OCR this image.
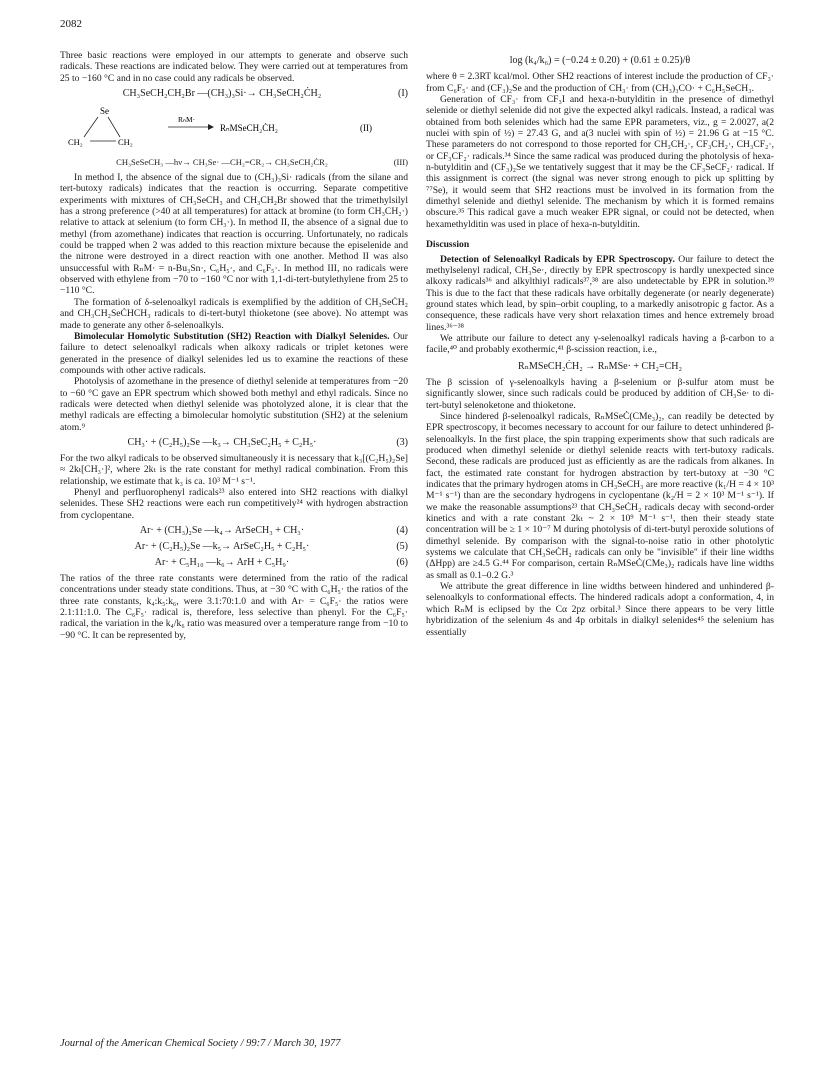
2082

Three basic reactions were employed in our attempts to generate and observe such radicals. These reactions are indicated below. They were carried out at temperatures from 25 to −160 °C and in no case could any radicals be observed.

CH₃SeCH₂CH₂Br —(CH₃)₃Si·→ CH₃SeCH₂ĊH₂	(I)
Se
CH₂	CH₂
RₙM·
RₙMSeCH₂ĊH₂	(II)
CH₃SeSeCH₃ —hν→ CH₃Se· —CH₂=CR₂→ CH₃SeCH₂ĊR₂	(III)

In method I, the absence of the signal due to (CH₃)₃Si· radicals (from the silane and tert-butoxy radicals) indicates that the reaction is occurring. Separate competitive experiments with mixtures of CH₃SeCH₃ and CH₃CH₂Br showed that the trimethylsilyl has a strong preference (>40 at all temperatures) for attack at bromine (to form CH₃CH₂·) relative to attack at selenium (to form CH₃·). In method II, the absence of a signal due to methyl (from azomethane) indicates that reaction is occurring. Unfortunately, no radicals could be trapped when 2 was added to this reaction mixture because the episelenide and the nitrone were destroyed in a direct reaction with one another. Method II was also unsuccessful with RₙM· = n-Bu₃Sn·, C₆H₅·, and C₆F₅·. In method III, no radicals were observed with ethylene from −70 to −160 °C nor with 1,1-di-tert-butylethylene from 25 to −110 °C.

The formation of δ-selenoalkyl radicals is exemplified by the addition of CH₃SeĊH₂ and CH₃CH₂SeĊHCH₃ radicals to di-tert-butyl thioketone (see above). No attempt was made to generate any other δ-selenoalkyls.

Bimolecular Homolytic Substitution (SH2) Reaction with Dialkyl Selenides. Our failure to detect selenoalkyl radicals when alkoxy radicals or triplet ketones were generated in the presence of dialkyl selenides led us to examine the reactions of these compounds with other active radicals.

Photolysis of azomethane in the presence of diethyl selenide at temperatures from −20 to −60 °C gave an EPR spectrum which showed both methyl and ethyl radicals. Since no radicals were detected when diethyl selenide was photolyzed alone, it is clear that the methyl radicals are effecting a bimolecular homolytic substitution (SH2) at the selenium atom.⁹

CH₃· + (C₂H₅)₂Se —k₃→ CH₃SeC₂H₅ + C₂H₅·	(3)

For the two alkyl radicals to be observed simultaneously it is necessary that k₃[(C₂H₅)₂Se] ≈ 2kₜ[CH₃·]², where 2kₜ is the rate constant for methyl radical combination. From this relationship, we estimate that k₃ is ca. 10³ M⁻¹ s⁻¹.

Phenyl and perfluorophenyl radicals²³ also entered into SH2 reactions with dialkyl selenides. These SH2 reactions were each run competitively²⁴ with hydrogen abstraction from cyclopentane.

Ar· + (CH₃)₂Se —k₄→ ArSeCH₃ + CH₃·	(4)
Ar· + (C₂H₅)₂Se —k₅→ ArSeC₂H₅ + C₂H₅·	(5)
Ar· + C₅H₁₀ —k₆→ ArH + C₅H₉·	(6)

The ratios of the three rate constants were determined from the ratio of the radical concentrations under steady state conditions. Thus, at −30 °C with C₆H₅· the ratios of the three rate constants, k₄:k₅:k₆, were 3.1:70:1.0 and with Ar· = C₆F₅· the ratios were 2.1:11:1.0. The C₆F₅· radical is, therefore, less selective than phenyl. For the C₆F₅· radical, the variation in the k₄/k₆ ratio was measured over a temperature range from −10 to −90 °C. It can be represented by,

log (k₄/k₆) = (−0.24 ± 0.20) + (0.61 ± 0.25)/θ

where θ = 2.3RT kcal/mol. Other SH2 reactions of interest include the production of CF₃· from C₆F₅· and (CF₃)₂Se and the production of CH₃· from (CH₃)₃CO· + C₆H₅SeCH₃.

Generation of CF₃· from CF₃I and hexa-n-butylditin in the presence of dimethyl selenide or diethyl selenide did not give the expected alkyl radicals. Instead, a radical was obtained from both selenides which had the same EPR parameters, viz., g = 2.0027, a(2 nuclei with spin of ½) = 27.43 G, and a(3 nuclei with spin of ½) = 21.96 G at −15 °C. These parameters do not correspond to those reported for CH₃CH₂·, CF₃CH₂·, CH₃CF₂·, or CF₃CF₂· radicals.³⁴ Since the same radical was produced during the photolysis of hexa-n-butylditin and (CF₃)₂Se we tentatively suggest that it may be the CF₃SeCF₂· radical. If this assignment is correct (the signal was never strong enough to pick up splitting by ⁷⁷Se), it would seem that SH2 reactions must be involved in its formation from the dimethyl selenide and diethyl selenide. The mechanism by which it is formed remains obscure.³⁵ This radical gave a much weaker EPR signal, or could not be detected, when hexamethylditin was used in place of hexa-n-butylditin.

Discussion

Detection of Selenoalkyl Radicals by EPR Spectroscopy. Our failure to detect the methylselenyl radical, CH₃Se·, directly by EPR spectroscopy is hardly unexpected since alkoxy radicals³⁶ and alkylthiyl radicals³⁷,³⁸ are also undetectable by EPR in solution.³⁹ This is due to the fact that these radicals have orbitally degenerate (or nearly degenerate) ground states which lead, by spin–orbit coupling, to a markedly anisotropic g factor. As a consequence, these radicals have very short relaxation times and hence extremely broad lines.³⁶⁻³⁸

We attribute our failure to detect any γ-selenoalkyl radicals having a β-carbon to a facile,⁴⁰ and probably exothermic,⁴¹ β-scission reaction, i.e.,

RₙMSeCH₂ĊH₂ → RₙMSe· + CH₂=CH₂

The β scission of γ-selenoalkyls having a β-selenium or β-sulfur atom must be significantly slower, since such radicals could be produced by addition of CH₃Se· to di-tert-butyl selenoketone and thioketone.

Since hindered β-selenoalkyl radicals, RₙMSeĊ(CMe₃)₂, can readily be detected by EPR spectroscopy, it becomes necessary to account for our failure to detect unhindered β-selenoalkyls. In the first place, the spin trapping experiments show that such radicals are produced when dimethyl selenide or diethyl selenide reacts with tert-butoxy radicals. Second, these radicals are produced just as efficiently as are the radicals from alkanes. In fact, the estimated rate constant for hydrogen abstraction by tert-butoxy at −30 °C indicates that the primary hydrogen atoms in CH₃SeCH₃ are more reactive (k₁/H = 4 × 10³ M⁻¹ s⁻¹) than are the secondary hydrogens in cyclopentane (k₂/H = 2 × 10³ M⁻¹ s⁻¹). If we make the reasonable assumptions²³ that CH₃SeĊH₂ radicals decay with second-order kinetics and with a rate constant 2kₜ ~ 2 × 10⁹ M⁻¹ s⁻¹, then their steady state concentration will be ≥ 1 × 10⁻⁷ M during photolysis of di-tert-butyl peroxide solutions of dimethyl selenide. By comparison with the signal-to-noise ratio in other photolytic systems we calculate that CH₃SeĊH₂ radicals can only be "invisible" if their line widths (ΔHpp) are ≥4.5 G.⁴⁴ For comparison, certain RₙMSeĊ(CMe₃)₂ radicals have line widths as small as 0.1–0.2 G.³

We attribute the great difference in line widths between hindered and unhindered β-selenoalkyls to conformational effects. The hindered radicals adopt a conformation, 4, in which RₙM is eclipsed by the Cα 2pz orbital.³ Since there appears to be very little hybridization of the selenium 4s and 4p orbitals in dialkyl selenides⁴⁵ the selenium has essentially

Journal of the American Chemical Society / 99:7 / March 30, 1977
